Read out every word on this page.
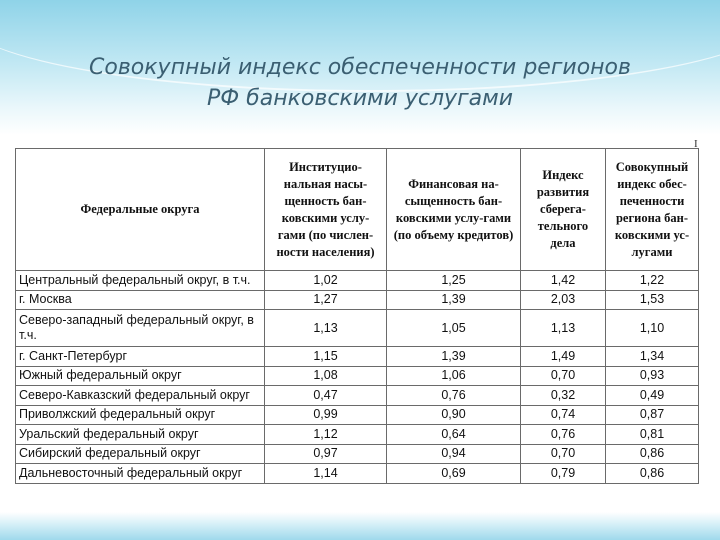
Совокупный индекс обеспеченности регионов
РФ банковскими услугами
I
Федеральные округа	Институцио-нальная насы-щенность бан-ковскими услу-гами (по числен-ности населения)	Финансовая на-сыщенность бан-ковскими услу-гами (по объему кредитов)	Индекс развития сберега-тельного дела	Совокупный индекс обес-печенности региона бан-ковскими ус-лугами
Центральный федеральный округ, в т.ч.	1,02	1,25	1,42	1,22
г. Москва	1,27	1,39	2,03	1,53
Северо-западный федеральный округ, в т.ч.	1,13	1,05	1,13	1,10
г. Санкт-Петербург	1,15	1,39	1,49	1,34
Южный федеральный округ	1,08	1,06	0,70	0,93
Северо-Кавказский федеральный округ	0,47	0,76	0,32	0,49
Приволжский федеральный округ	0,99	0,90	0,74	0,87
Уральский федеральный округ	1,12	0,64	0,76	0,81
Сибирский федеральный округ	0,97	0,94	0,70	0,86
Дальневосточный федеральный округ	1,14	0,69	0,79	0,86
